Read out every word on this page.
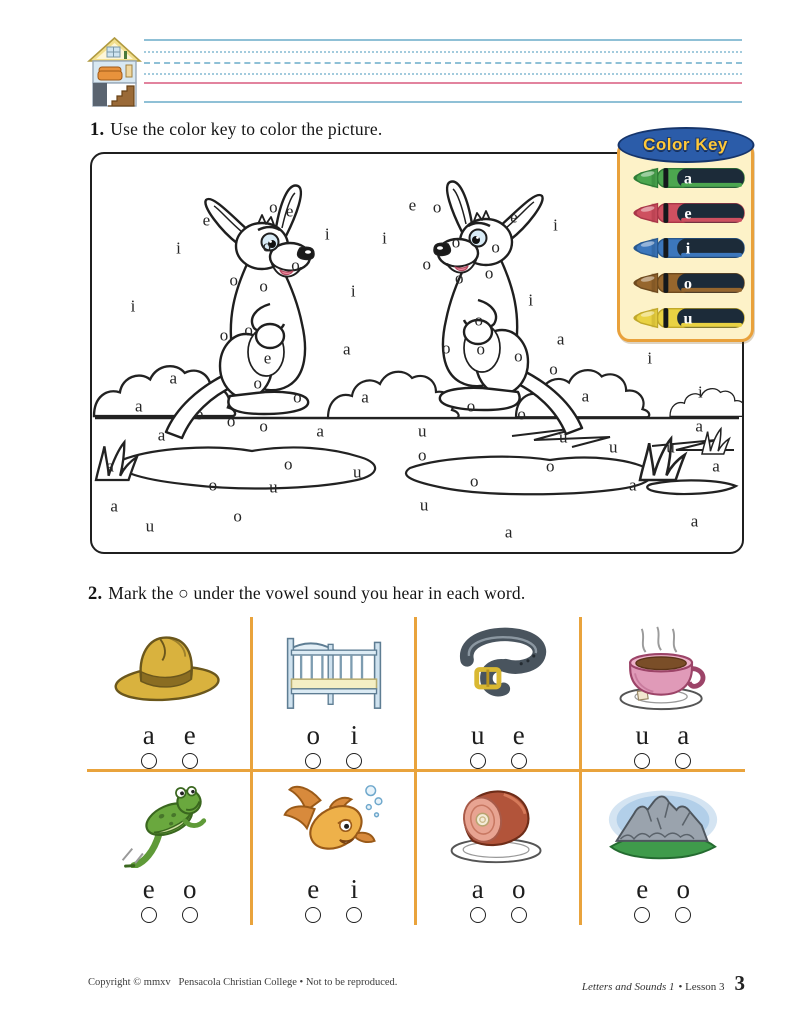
1. Use the color key to color the picture.
e
o e
i	i
i	o
o
i
o o	i
o o
e	a
a
a
o
o	a
o o o
a	a
a	o	u
o	u
a
o
u
e o
e i
o o
o
o o
i
o
a
i
o o o
o
i
a
o o
a
u	u
u	u
o
o	a
o	a
u
a
a
Color Key
a
e
i
o
u
2. Mark the ○ under the vowel sound you hear in each word.
a e	o i	u e	u a
e o	e i	a o	e o
Copyright © mmxv   Pensacola Christian College • Not to be reproduced.	Letters and Sounds 1 • Lesson 3 3
